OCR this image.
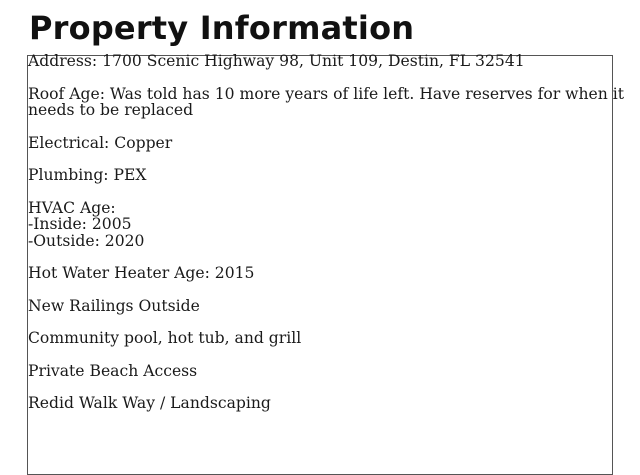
Property Information

Address: 1700 Scenic Highway 98, Unit 109, Destin, FL 32541

Roof Age: Was told has 10 more years of life left. Have reserves for when it
needs to be replaced

Electrical: Copper

Plumbing: PEX

HVAC Age:
-Inside: 2005
-Outside: 2020

Hot Water Heater Age: 2015

New Railings Outside

Community pool, hot tub, and grill

Private Beach Access

Redid Walk Way / Landscaping
